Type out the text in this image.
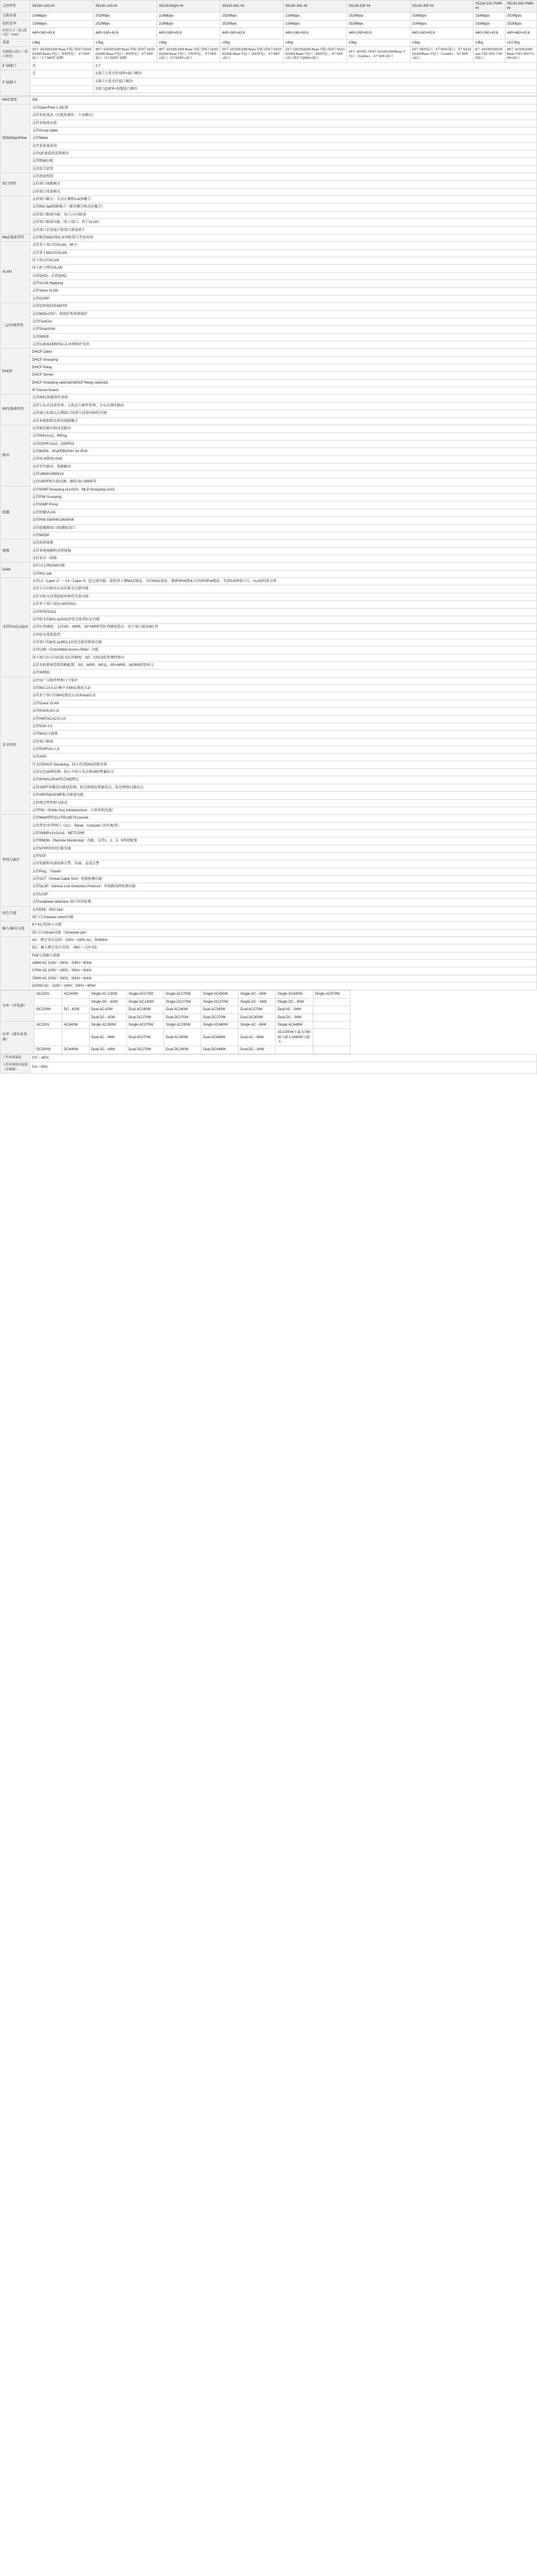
支持特性	S5130-10G-HI	S5130-10S-HI	S5130-54QS-HI	S5130-30C-HI	S5130-34C-HI	S5130-32F-HI	S5130-30F-HI	S5130-10C-PWR-HI	S5130-54Z-PWR-HI
交换容量	216Mpps	252Mbps	216Mpps	252Mbps	216Mpps	252Mbps	216Mpps	216Mpps	252Mpps
包转发率	216Mpps	252Mbps	216Mpps	252Mbps	216Mpps	252Mbps	216Mpps	216Mpps	252Mpps
外形尺寸（宽×深×高）（mm）	440×160×43.6	440×160×43.6	440×160×43.6	440×160×43.6	440×160×43.6	440×160×43.6	440×160×43.6	440×160×43.6	440×460×43.6
重量	≤3kg	≤3kg	≤3kg	≤3kg	≤3kg	≤3kg	≤3kg	≤3kg	≤10.0kg
电源输入接口（接口形态）	24个 10/100/1000 Base-T端口和4个10/100/1000 Base-T电口（PD供电），4个SFP接口（1个SFP扩展槽）	48个 10/100/1000 Base-T端口和4个10/100/1000 Base-T电口（PD供电），4个SFP接口（1个SFP扩展槽）	48个 10/100/1000 Base-T端口和4个10/100/1000 Base-T电口（PD供电），4个SFP+接口、2个QSFP+接口	24个 10/100/1000 Base-T端口和4个10/100/1000 Base-T电口（PD供电），4个SFP+接口	24个 10/100/1000 Base-T端口和4个10/100/1000 Base-T电口（PD供电），4个SFP+接口和2个QSFP+接口	24个 SFP接口和4个10/100/1000Base-T电口（Combo），4个SFP+接口	24个 SFP接口、4个SFP+接口、4个10/100/1000Base-T电口（Combo），4个SFP+接口	8个 10/100/1000 Base-T端口和2个SFP接口	48个 10/100/1000 Base-T端口和4个SFP+接口
扩展接口	无	2个							
扩展插卡	无	2端口万兆光纤SFP+接口模块							
		2端口万兆光纤接口模块							
		2端口QSFP+电缆接口模块							

MAC地址	32k
SDN/OpenFlow	支持OpenFlow 1.3标准
	支持多张流表（匹配和操作、主表模式）
	支持多级流水线
	支持Group table
	支持Meter
	支持多条流表项
	支持OF通道的连接模式
	支持精确匹配
	支持混合部署
端口特性	支持流量控制
	支持端口镜像模式
	支持端口流量模式
	支持端口聚合：手动汇聚和LACP聚合
	支持802.3ad链路聚合（静态聚合和动态聚合）
	支持端口限速功能：出/入方向限速
	支持端口隔离功能（基于端口、基于VLAN）
	支持端口丢包统计和端口流量统计
MAC地址特性	支持静态MAC地址表项配置与老化时间
VLAN	支持基于端口的VLAN，4K个
	支持基于MAC的VLAN
	基于协议的VLAN
	基于IP子网的VLAN
	支持QinQ、灵活QinQ
	支持VLAN Mapping
	支持Voice VLAN
	支持GVRP
二层环网特性	支持STP/RSTP/MSTP
	支持BPDU保护、根保护和环路保护
	支持FastCirc
	支持SmartGrid
	支持RRPP
	支持G.8032/ERPS以太环网保护技术
DHCP	DHCP Client
	DHCP Snooping
	DHCP Relay
	DHCP Server
	DHCP Snooping option82/DHCP Relay option82
	IP Source Guard
IRF2堆叠特性	支持IRF2智能弹性架构
	支持分布式设备管理：交换芯片硬件管理、分布式弹性路由
	支持通过标准以太网接口间进行设备的IRF2互联
	支持本地和跨设备的链路聚合
路由	支持静态路由和动态路由
	支持RIPv1/v2、RIPng
	支持OSPFv1/v2、OSPFv3
	支持BGP4、IPv4和BGP4+ for IPv6
	支持IS-IS和IS-ISv6
	支持等价路由、策略路由
	支持VRRP/VRRPv3
	支持URPF和负载均衡、BFD for VRRP等
组播	支持IGMP Snooping v1/v2/v3、MLD Snooping v1/v2
	支持PIM Snooping
	支持IGMP Proxy
	支持组播VLAN
	支持PIM-SM/PIM-DM/IPv6
	支持组播源端口/组播组端口
	支持MSDP
镜像	支持流量镜像
	支持本地镜像和远程镜像
	支持多对一镜像
OAM	支持以太网OAM功能
	支持802.1ah
支持的ACL/QoS	支持L2（Layer 2）～L4（Layer 4）包过滤功能：提供基于源MAC地址、目的MAC地址、源IP/IPv6地址/目的IP/IPv6地址、TCP/UDP端口号、VLAN的流分类
	支持入方向和出方向的报文过滤功能
	支持对报文设置DSCP/IP优先级功能
	支持基于端口或VLAN的ACL
	支持时间段ACL
	支持报文的802.1p/DSCP优先级重标记功能
	支持队列调度：支持SP、WRR、SP+WRR等队列调度算法，每个端口最多8队列
	支持报文流量监管
	支持端口的802.1p/802.1X/优先级重映射功能
	支持CAR（Committed Access Rate）功能
	基于端口出方向的报文队列调度：SP、CPCD软件硬件程序
	支持各级拥塞控制策略配置：SP、WRR、WFQ、SP+WRR、WDRR控制单元
	支持WRED
安全特性	支持用户分级管理和口令保护
	支持802.1X认证/集中式MAC地址认证
	支持基于端口的MAC地址认证/Portal认证
	支持Guest VLAN
	支持RADIUS认证
	支持HWTACACS认证
	支持SSH 2.0
	支持MAC过滤器
	支持端口隔离
	支持PORTAL认证
	支持AAD
	可支持DHCP Snooping，防止伪造DHCP服务器
	支持动态ARP检测，防止中间人攻击和ARP欺骗攻击
	支持IP/MAC/Port绑定/ND绑定
	支持uRPF单播逆向路径检测，防范IP地址欺骗攻击、防范网络扫描攻击
	支持ARP/ND/ICMP报文限速功能
	支持绑定特性和交换式
	支持PKI（Public Key Infrastructure，公钥基础设施）
管理与维护	支持Web网管/CLI/TELNET/Console
	支持带外/外带网口（CLI、Telnet、Console口的行配置）
	支持SNMPv1/v2c/v3、NETCONF
	支持RMON（Remote Monitoring）功能，支持1、2、3、9四组配置
	支持NTP时间同步服务器
	支持NTP
	支持电源和风扇故障告警、风扇、温度告警
	支持Ping、Tracert
	支持VCT（Virtual Cable Test）电缆检测功能
	支持DLDP（Device Link Detection Protocol）单链路故障检测功能
	支持LLDP
	支持loopback-detection 端口环回检测
绿色节能	支持EEE（802.3az）
	端口自动/power-down功能
输入/输出交流	8个4层变换/小功能
	端口自动drain功能（Schedule job）
	AC：额定电压范围：100V～240V AC，50/60Hz
	DC：输入额定电压范围：-48V～-72V DC
	PoE交流输入电源
	168W AC 100V～240V，50Hz～60Hz
	370W AC 100V～240V，50Hz～60Hz
	740W AC 100V～240V，50Hz～60Hz
	1100W AC：110V～240V，50Hz～60Hz
功率（单电源）	AC220V	AC240W	Single AC-130W	Single AC270W	Single AC270W	Single AC400W	Single AC - 34W	Single AC445W	Single AC470W
			Single DC - 62W	Single DC130W	Single DC270W	Single DC270W	Single DC - 34W	Single DC - 90W	
	DC220W	DC - 62W	Dual AC-62W	Dual AC240W	Dual AC240W	Dual AC240W	Dual AC270W	Dual AC - 34W	
			Dual DC - 62W	Dual DC270W	Dual DC270W	Dual DC270W	Dual DC300W	Dual DC - 34W	
功率（满负荷电源）	AC220V	AC440W	Single AC290W	Single AC270W	Single AC290W	Single AC460W	Single AC - 84W	Single AC448W	
			Dual AC - 44W	Dual AC270W	Dual AC290W	Dual AC448W	Dual AC - 84W	AC1000W下最大740W与最大1480W与最大	
	DC500W	DC440W	Dual DC - 44W	Dual DC270W	Dual DC290W	Dual DC448W	Dual DC - 84W		
工作环境温度	0℃～45℃
工作环境相对湿度（非凝露）	5%～95%
